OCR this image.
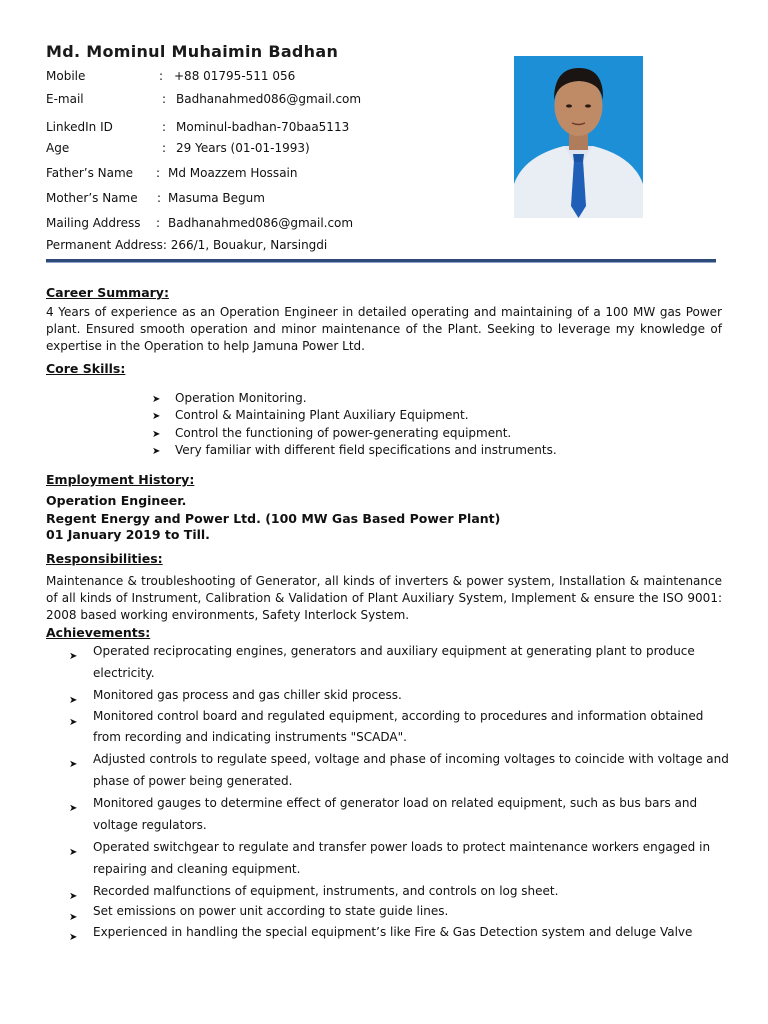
Md. Mominul Muhaimin Badhan
Mobile	: +88 01795-511 056
E-mail	: Badhanahmed086@gmail.com
LinkedIn ID	: Mominul-badhan-70baa5113
Age	: 29 Years (01-01-1993)
Father’s Name : Md Moazzem Hossain
Mother’s Name : Masuma Begum
Mailing Address : Badhanahmed086@gmail.com
Permanent Address: 266/1, Bouakur, Narsingdi
Career Summary:
4 Years of experience as an Operation Engineer in detailed operating and maintaining of a 100 MW gas Power plant. Ensured smooth operation and minor maintenance of the Plant. Seeking to leverage my knowledge of expertise in the Operation to help Jamuna Power Ltd.
Core Skills:
➤ Operation Monitoring.
➤ Control & Maintaining Plant Auxiliary Equipment.
➤ Control the functioning of power-generating equipment.
➤ Very familiar with different field specifications and instruments.
Employment History:
Operation Engineer.
Regent Energy and Power Ltd. (100 MW Gas Based Power Plant)
01 January 2019 to Till.
Responsibilities:
Maintenance & troubleshooting of Generator, all kinds of inverters & power system, Installation & maintenance of all kinds of Instrument, Calibration & Validation of Plant Auxiliary System, Implement & ensure the ISO 9001: 2008 based working environments, Safety Interlock System.
Achievements:
➤ Operated reciprocating engines, generators and auxiliary equipment at generating plant to produce electricity.
➤ Monitored gas process and gas chiller skid process.
➤ Monitored control board and regulated equipment, according to procedures and information obtained from recording and indicating instruments "SCADA".
➤ Adjusted controls to regulate speed, voltage and phase of incoming voltages to coincide with voltage and phase of power being generated.
➤ Monitored gauges to determine effect of generator load on related equipment, such as bus bars and voltage regulators.
➤ Operated switchgear to regulate and transfer power loads to protect maintenance workers engaged in repairing and cleaning equipment.
➤ Recorded malfunctions of equipment, instruments, and controls on log sheet.
➤ Set emissions on power unit according to state guide lines.
➤ Experienced in handling the special equipment’s like Fire & Gas Detection system and deluge Valve
